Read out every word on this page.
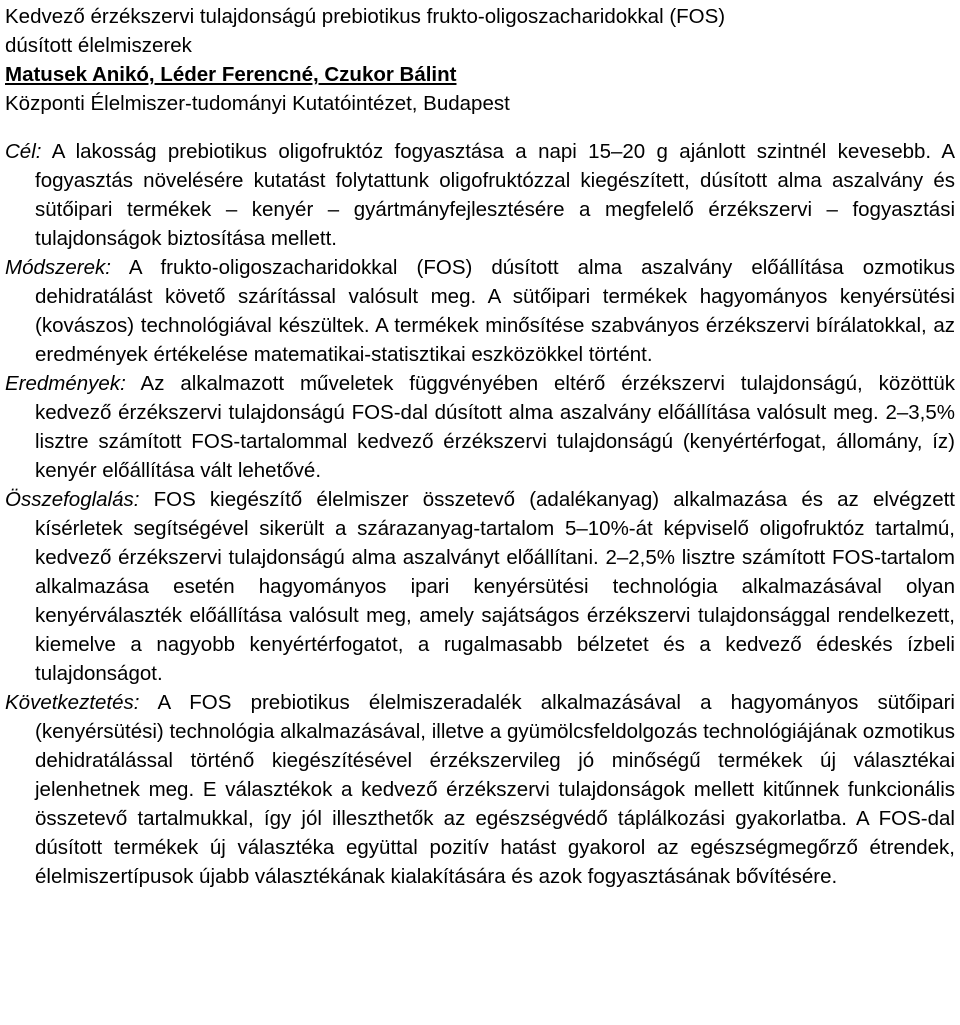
Kedvező érzékszervi tulajdonságú prebiotikus frukto-oligoszacharidokkal (FOS)
dúsított élelmiszerek
Matusek Anikó, Léder Ferencné, Czukor Bálint
Központi Élelmiszer-tudományi Kutatóintézet, Budapest

Cél: A lakosság prebiotikus oligofruktóz fogyasztása a napi 15–20 g ajánlott szintnél kevesebb. A fogyasztás növelésére kutatást folytattunk oligofruktózzal kiegészített, dúsított alma aszalvány és sütőipari termékek – kenyér – gyártmányfejlesztésére a megfelelő érzékszervi – fogyasztási tulajdonságok biztosítása mellett.

Módszerek: A frukto-oligoszacharidokkal (FOS) dúsított alma aszalvány előállítása ozmotikus dehidratálást követő szárítással valósult meg. A sütőipari termékek hagyományos kenyérsütési (kovászos) technológiával készültek. A termékek minősítése szabványos érzékszervi bírálatokkal, az eredmények értékelése matematikai-statisztikai eszközökkel történt.

Eredmények: Az alkalmazott műveletek függvényében eltérő érzékszervi tulajdonságú, közöttük kedvező érzékszervi tulajdonságú FOS-dal dúsított alma aszalvány előállítása valósult meg. 2–3,5% lisztre számított FOS-tartalommal kedvező érzékszervi tulajdonságú (kenyértérfogat, állomány, íz) kenyér előállítása vált lehetővé.

Összefoglalás: FOS kiegészítő élelmiszer összetevő (adalékanyag) alkalmazása és az elvégzett kísérletek segítségével sikerült a szárazanyag-tartalom 5–10%-át képviselő oligofruktóz tartalmú, kedvező érzékszervi tulajdonságú alma aszalványt előállítani. 2–2,5% lisztre számított FOS-tartalom alkalmazása esetén hagyományos ipari kenyérsütési technológia alkalmazásával olyan kenyérválaszték előállítása valósult meg, amely sajátságos érzékszervi tulajdonsággal rendelkezett, kiemelve a nagyobb kenyértérfogatot, a rugalmasabb bélzetet és a kedvező édeskés ízbeli tulajdonságot.

Következtetés: A FOS prebiotikus élelmiszeradalék alkalmazásával a hagyományos sütőipari (kenyérsütési) technológia alkalmazásával, illetve a gyümölcsfeldolgozás technológiájának ozmotikus dehidratálással történő kiegészítésével érzékszervileg jó minőségű termékek új választékai jelenhetnek meg. E választékok a kedvező érzékszervi tulajdonságok mellett kitűnnek funkcionális összetevő tartalmukkal, így jól illeszthetők az egészségvédő táplálkozási gyakorlatba. A FOS-dal dúsított termékek új választéka együttal pozitív hatást gyakorol az egészségmegőrző étrendek, élelmiszertípusok újabb választékának kialakítására és azok fogyasztásának bővítésére.
